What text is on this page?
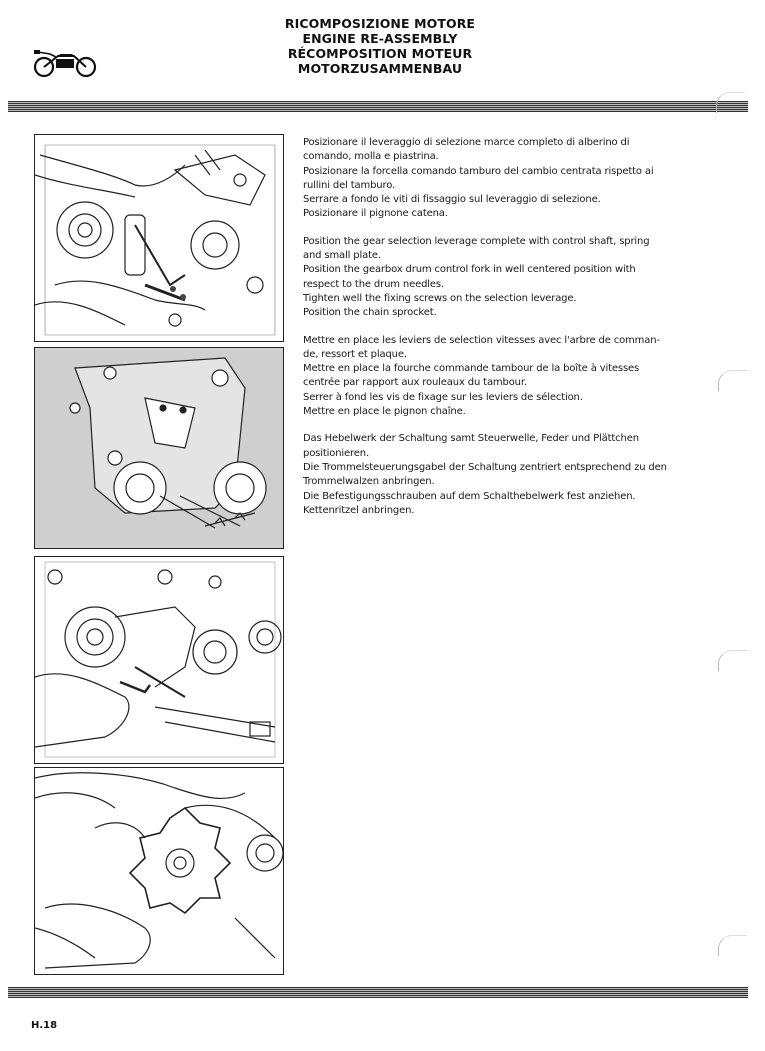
RICOMPOSIZIONE MOTORE
ENGINE RE-ASSEMBLY
RÉCOMPOSITION MOTEUR
MOTORZUSAMMENBAU
Posizionare il leveraggio di selezione marce completo di alberino di
comando, molla e piastrina.
Posizionare la forcella comando tamburo del cambio centrata rispetto ai
rullini del tamburo.
Serrare a fondo le viti di fissaggio sul leveraggio di selezione.
Posizionare il pignone catena.
Position the gear selection leverage complete with control shaft, spring
and small plate.
Position the gearbox drum control fork in well centered position with
respect to the drum needles.
Tighten well the fixing screws on the selection leverage.
Position the chain sprocket.
Mettre en place les leviers de selection vitesses avec l'arbre de comman-
de, ressort et plaque.
Mettre en place la fourche commande tambour de la boîte à vitesses
centrée par rapport aux rouleaux du tambour.
Serrer à fond les vis de fixage sur les leviers de sélection.
Mettre en place le pignon chaîne.
Das Hebelwerk der Schaltung samt Steuerwelle, Feder und Plättchen
positionieren.
Die Trommelsteuerungsgabel der Schaltung zentriert entsprechend zu den
Trommelwalzen anbringen.
Die Befestigungsschrauben auf dem Schalthebelwerk fest anziehen.
Kettenritzel anbringen.
H.18
